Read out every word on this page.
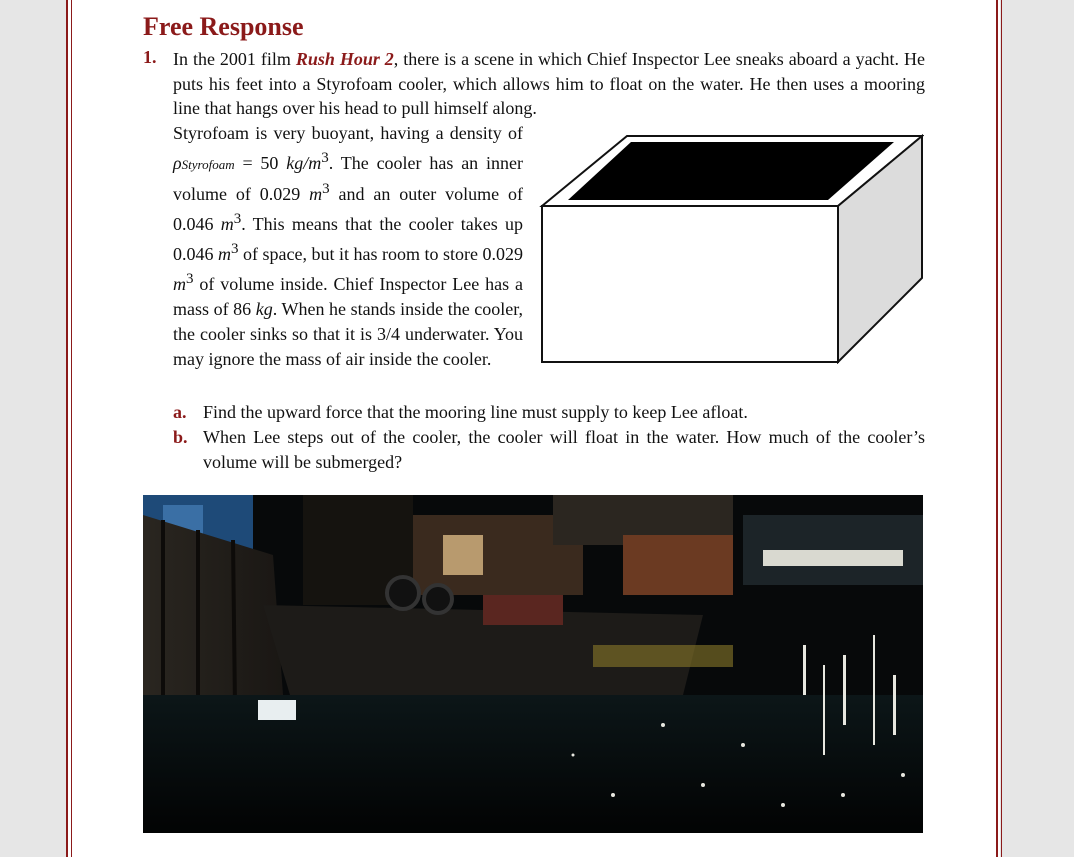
Free Response
1. In the 2001 film Rush Hour 2, there is a scene in which Chief Inspector Lee sneaks aboard a yacht. He puts his feet into a Styrofoam cooler, which allows him to float on the water. He then uses a mooring line that hangs over his head to pull himself along.
Styrofoam is very buoyant, having a density of ρStyrofoam = 50 $kg/m^3$. The cooler has an inner volume of 0.029 $m^3$ and an outer volume of 0.046 $m^3$. This means that the cooler takes up 0.046 $m^3$ of space, but it has room to store 0.029 $m^3$ of volume inside. Chief Inspector Lee has a mass of 86 kg. When he stands inside the cooler, the cooler sinks so that it is 3/4 underwater. You may ignore the mass of air inside the cooler.
a. Find the upward force that the mooring line must supply to keep Lee afloat.
b. When Lee steps out of the cooler, the cooler will float in the water. How much of the cooler’s volume will be submerged?
